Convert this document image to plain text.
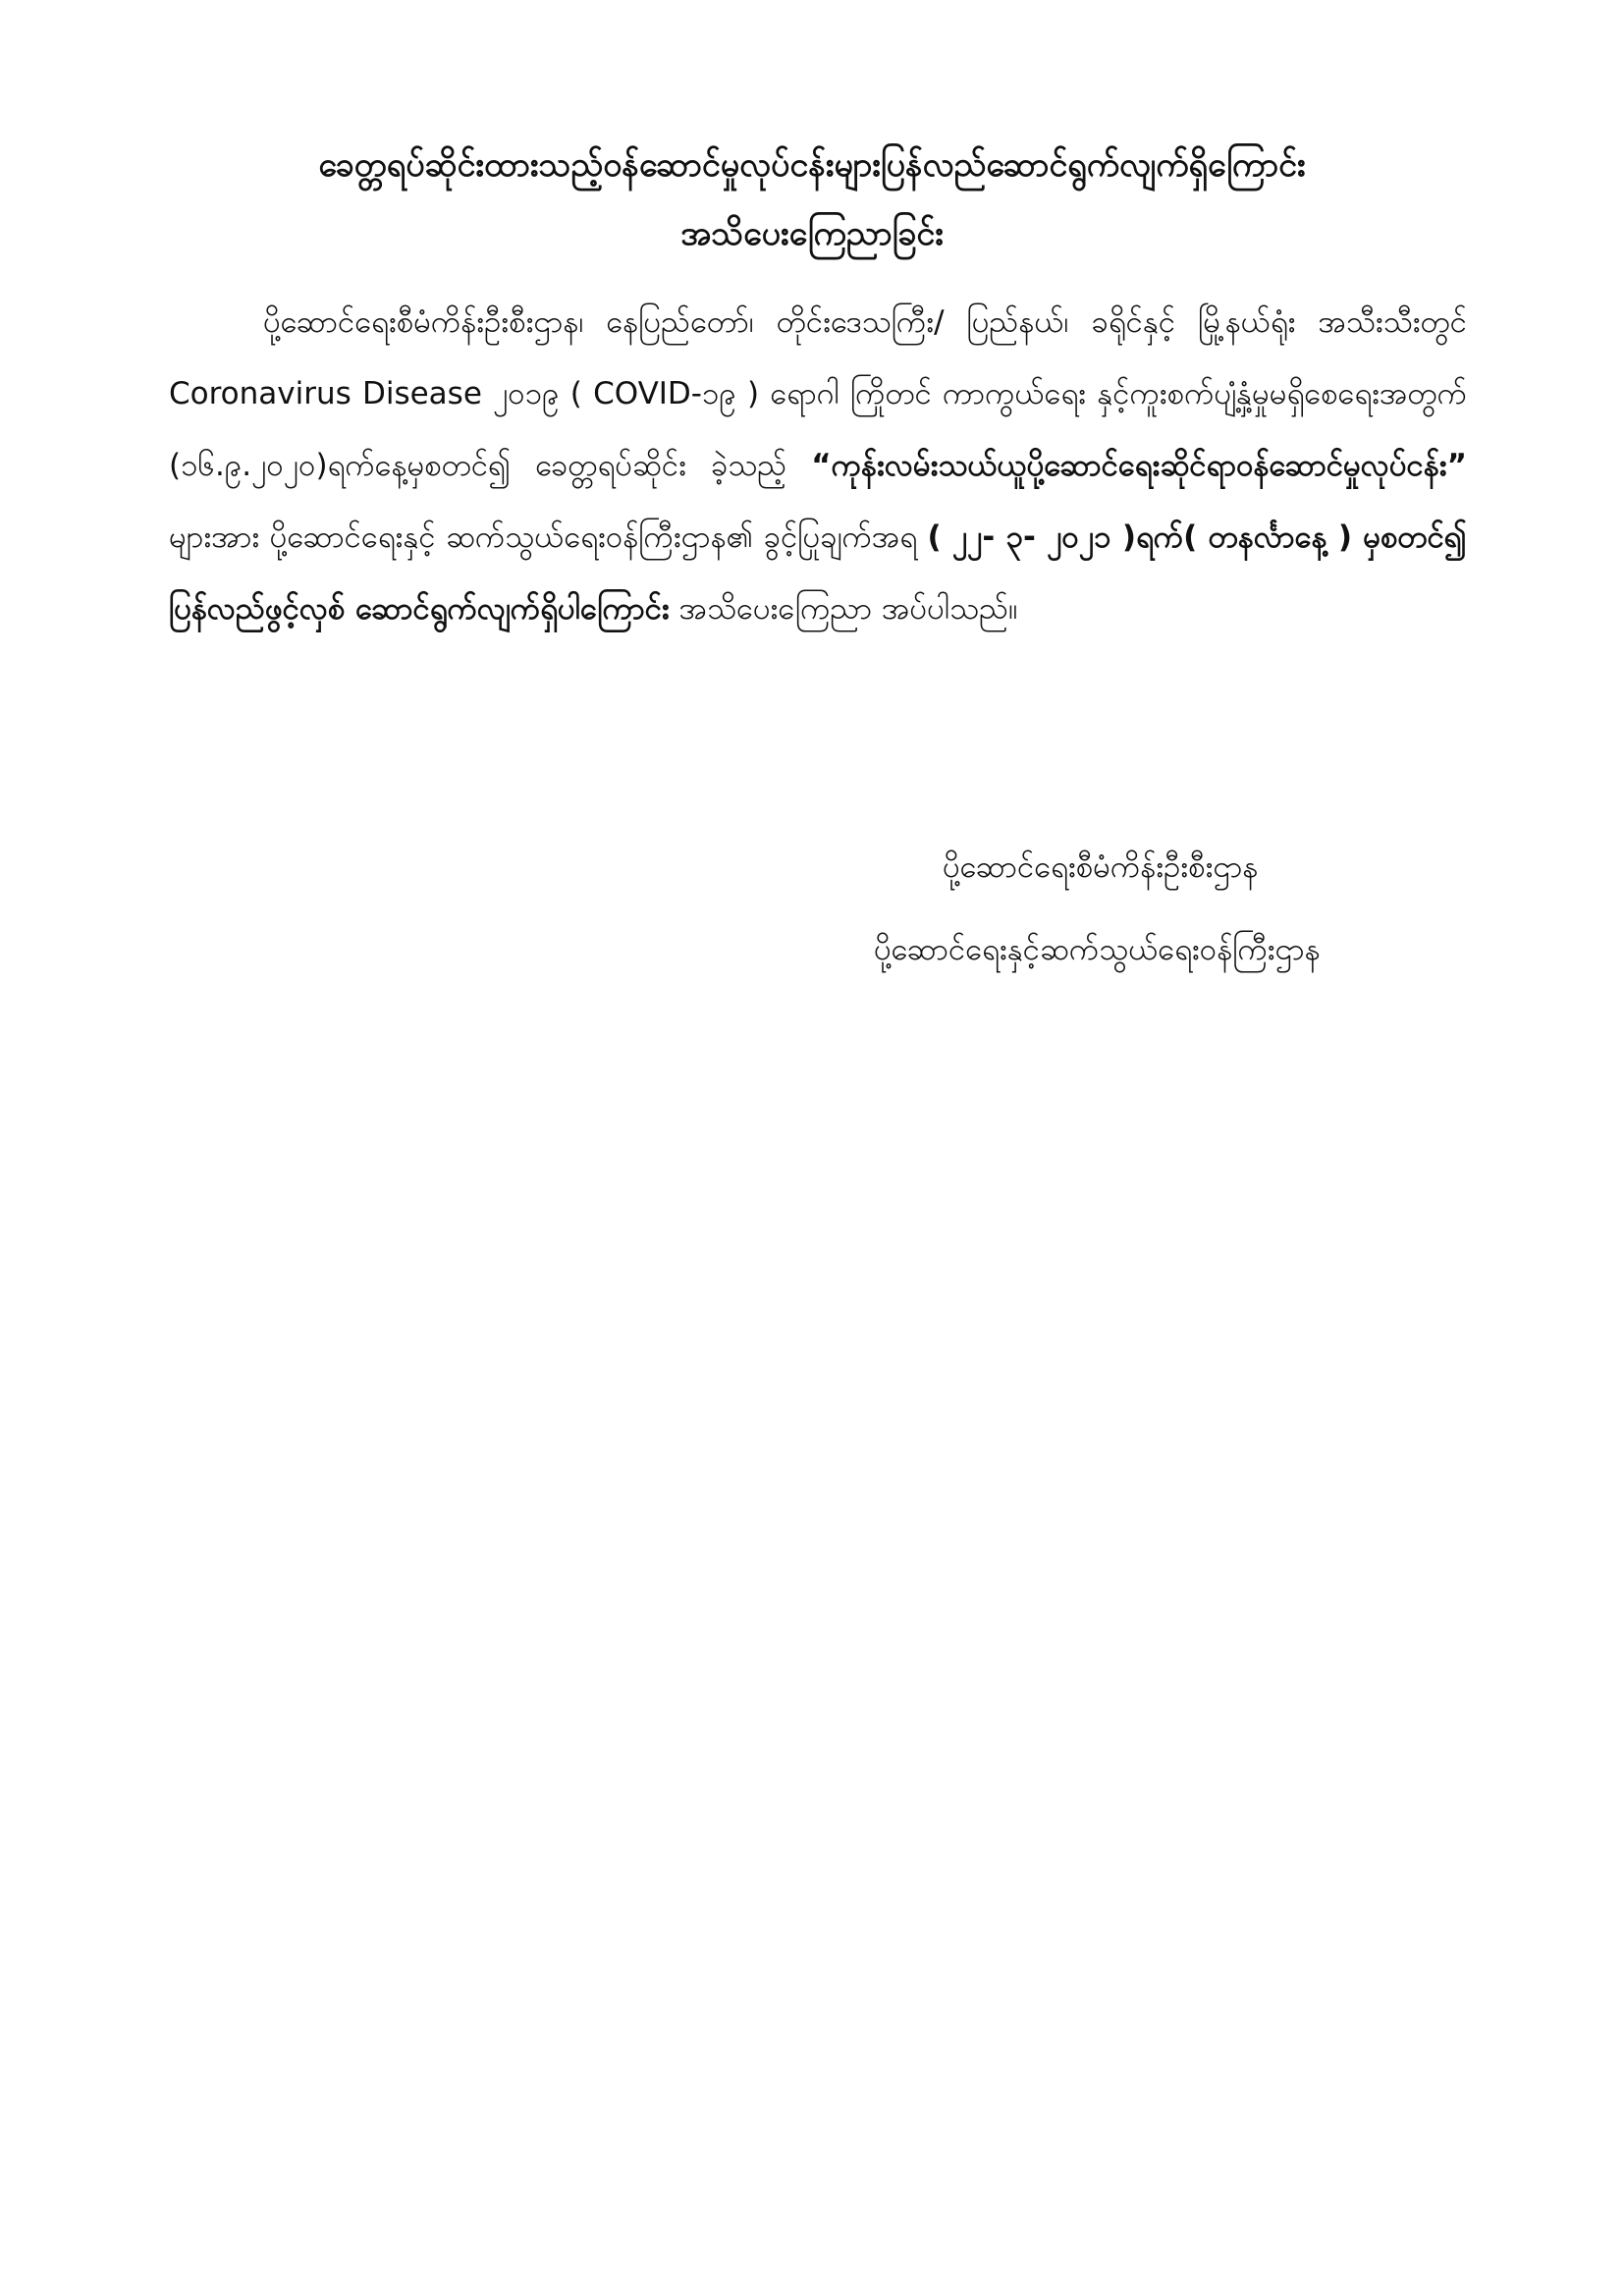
ခေတ္တရပ်ဆိုင်းထားသည့်ဝန်ဆောင်မှုလုပ်ငန်းများပြန်လည်ဆောင်ရွက်လျက်ရှိကြောင်း
အသိပေးကြေညာခြင်း

ပို့ဆောင်ရေးစီမံကိန်းဦးစီးဌာန၊ နေပြည်တော်၊ တိုင်းဒေသကြီး/ ပြည်နယ်၊ ခရိုင်နှင့် မြို့နယ်ရုံး အသီးသီးတွင် Coronavirus Disease ၂၀၁၉ ( COVID-၁၉ ) ရောဂါ ကြိုတင် ကာကွယ်ရေး နှင့်ကူးစက်ပျံ့နှံ့မှုမရှိစေရေးအတွက် (၁၆.၉.၂၀၂၀)ရက်နေ့မှစတင်၍ ခေတ္တရပ်ဆိုင်း ခဲ့သည့် “ကုန်းလမ်းသယ်ယူပို့ဆောင်ရေးဆိုင်ရာဝန်ဆောင်မှုလုပ်ငန်း” များအား ပို့ဆောင်ရေးနှင့် ဆက်သွယ်ရေးဝန်ကြီးဌာန၏ ခွင့်ပြုချက်အရ ( ၂၂- ၃- ၂၀၂၁ )ရက်( တနင်္လာနေ့ ) မှစတင်၍ ပြန်လည်ဖွင့်လှစ် ဆောင်ရွက်လျက်ရှိပါကြောင်း အသိပေးကြေညာ အပ်ပါသည်။

ပို့ဆောင်ရေးစီမံကိန်းဦးစီးဌာန
ပို့ဆောင်ရေးနှင့်ဆက်သွယ်ရေးဝန်ကြီးဌာန
